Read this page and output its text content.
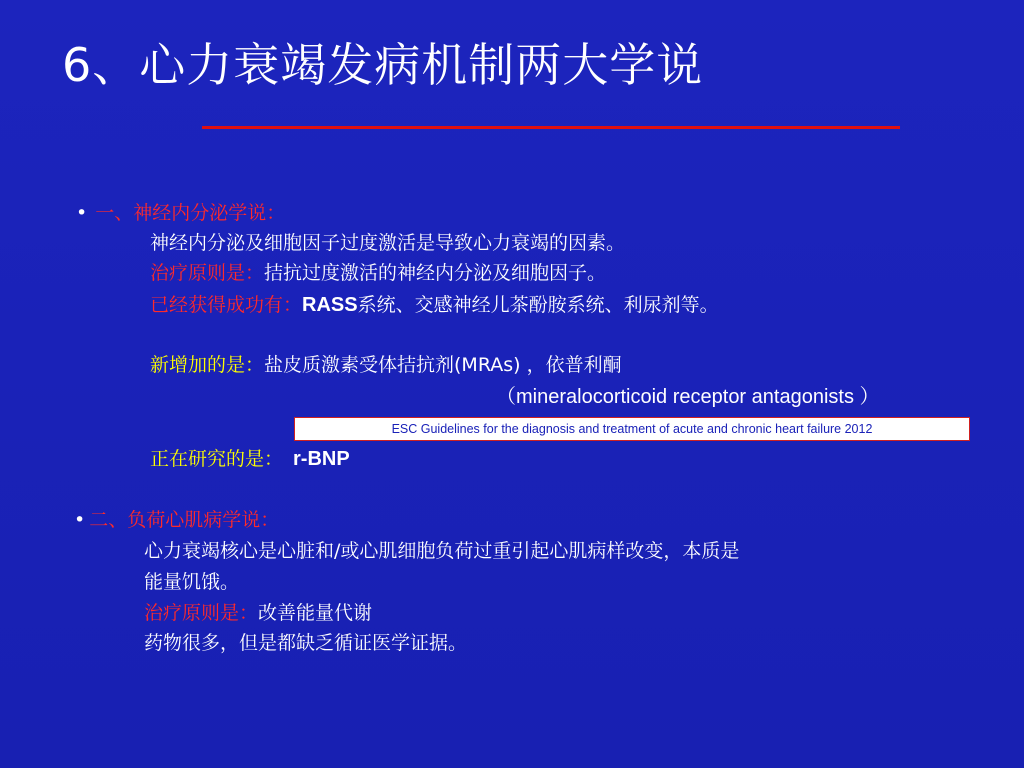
6、心力衰竭发病机制两大学说
• 一、神经内分泌学说：
神经内分泌及细胞因子过度激活是导致心力衰竭的因素。
治疗原则是：拮抗过度激活的神经内分泌及细胞因子。
已经获得成功有：RASS系统、交感神经儿茶酚胺系统、利尿剂等。
新增加的是：盐皮质激素受体拮抗剂(MRAs) ，依普利酮
（mineralocorticoid receptor antagonists ）
ESC Guidelines for the diagnosis and treatment of acute and chronic heart failure 2012
正在研究的是： r-BNP
• 二、负荷心肌病学说：
心力衰竭核心是心脏和/或心肌细胞负荷过重引起心肌病样改变，本质是
能量饥饿。
治疗原则是：改善能量代谢
药物很多，但是都缺乏循证医学证据。
